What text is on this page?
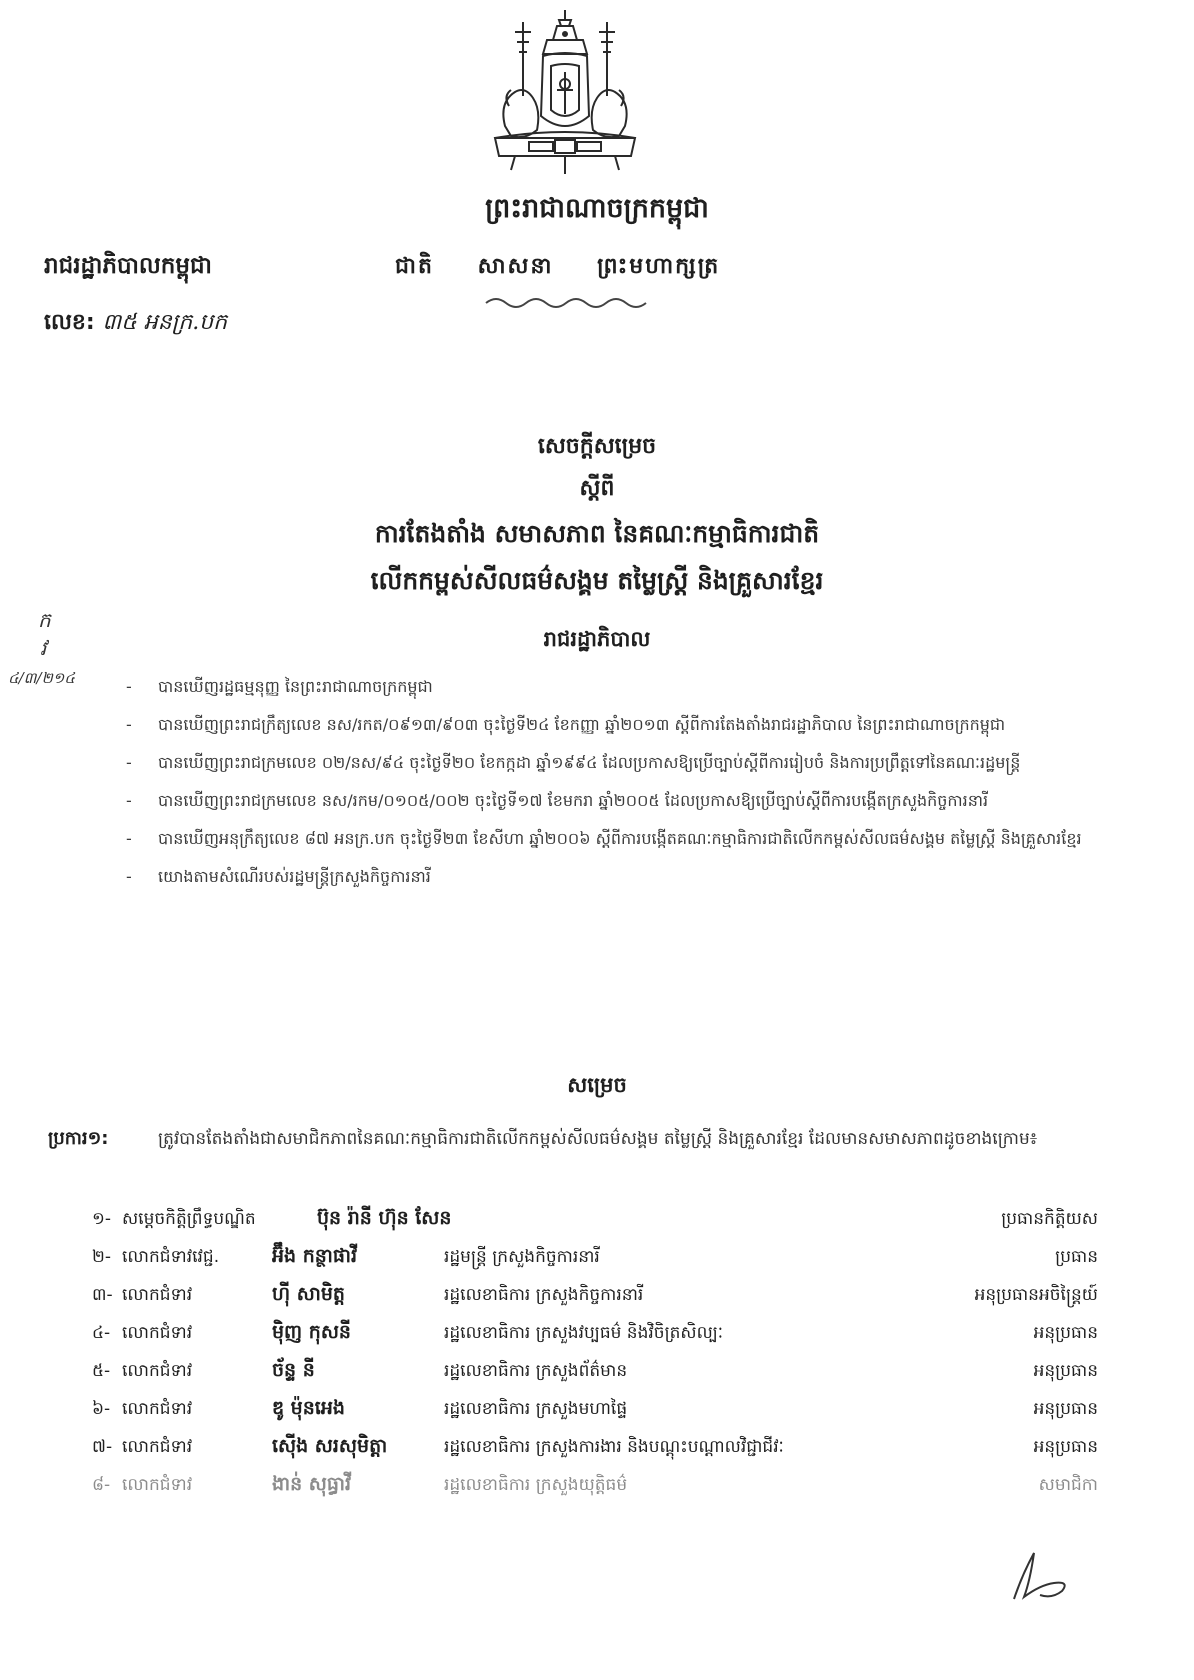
ព្រះរាជាណាចក្រកម្ពុជា
រាជរដ្ឋាភិបាលកម្ពុជា	ជាតិ សាសនា ព្រះមហាក្សត្រ
លេខ: ៣៥ អនក្រ.បក
សេចក្តីសម្រេច
ស្តីពី
ការតែងតាំង សមាសភាព នៃគណៈកម្មាធិការជាតិ
លើកកម្ពស់សីលធម៌សង្គម តម្លៃស្ត្រី និងគ្រួសារខ្មែរ
រាជរដ្ឋាភិបាល
ក
វ
៤/៣/២១៤
-	បានឃើញរដ្ឋធម្មនុញ្ញ នៃព្រះរាជាណាចក្រកម្ពុជា
- បានឃើញព្រះរាជក្រឹត្យលេខ នស/រកត/០៩១៣/៩០៣ ចុះថ្ងៃទី២៤ ខែកញ្ញា ឆ្នាំ២០១៣ ស្តីពីការតែងតាំងរាជរដ្ឋាភិបាល នៃព្រះរាជាណាចក្រកម្ពុជា
- បានឃើញព្រះរាជក្រមលេខ ០២/នស/៩៤ ចុះថ្ងៃទី២០ ខែកក្កដា ឆ្នាំ១៩៩៤ ដែលប្រកាសឱ្យប្រើច្បាប់ស្តីពីការរៀបចំ និងការប្រព្រឹត្តទៅនៃគណៈរដ្ឋមន្ត្រី
- បានឃើញព្រះរាជក្រមលេខ នស/រកម/០១០៥/០០២ ចុះថ្ងៃទី១៧ ខែមករា ឆ្នាំ២០០៥ ដែលប្រកាសឱ្យប្រើច្បាប់ស្តីពីការបង្កើតក្រសួងកិច្ចការនារី
- បានឃើញអនុក្រឹត្យលេខ ៨៧ អនក្រ.បក ចុះថ្ងៃទី២៣ ខែសីហា ឆ្នាំ២០០៦ ស្តីពីការបង្កើតគណៈកម្មាធិការជាតិលើកកម្ពស់សីលធម៌សង្គម តម្លៃស្ត្រី និងគ្រួសារខ្មែរ
- យោងតាមសំណើរបស់រដ្ឋមន្ត្រីក្រសួងកិច្ចការនារី
សម្រេច
ប្រការ១:	ត្រូវបានតែងតាំងជាសមាជិកភាពនៃគណៈកម្មាធិការជាតិលើកកម្ពស់សីលធម៌សង្គម តម្លៃស្ត្រី និងគ្រួសារខ្មែរ ដែលមានសមាសភាពដូចខាងក្រោម៖
១- សម្តេចកិត្តិព្រឹទ្ធបណ្ឌិត	ប៊ុន រ៉ានី ហ៊ុន សែន	ប្រធានកិត្តិយស
២- លោកជំទាវវេជ្ជ.	អ៊ឹង កន្ថាផាវី	រដ្ឋមន្ត្រី ក្រសួងកិច្ចការនារី	ប្រធាន
៣- លោកជំទាវ	ហ៊ី សាមិត្ត	រដ្ឋលេខាធិការ ក្រសួងកិច្ចការនារី	អនុប្រធានអចិន្ត្រៃយ៍
៤- លោកជំទាវ	ម៉ិញ កុសនី	រដ្ឋលេខាធិការ ក្រសួងវប្បធម៌ និងវិចិត្រសិល្បៈ	អនុប្រធាន
៥- លោកជំទាវ	ច័ន្ទ នី	រដ្ឋលេខាធិការ ក្រសួងព័ត៌មាន	អនុប្រធាន
៦- លោកជំទាវ	ឌូ ម៉ុនអេង	រដ្ឋលេខាធិការ ក្រសួងមហាផ្ទៃ	អនុប្រធាន
៧- លោកជំទាវ	ស៊ើង សរសុមិត្តា	រដ្ឋលេខាធិការ ក្រសួងការងារ និងបណ្តុះបណ្តាលវិជ្ជាជីវៈ	អនុប្រធាន
៨- លោកជំទាវ	ងាន់ សុធ្ធាវី	រដ្ឋលេខាធិការ ក្រសួងយុត្តិធម៌	សមាជិកា
